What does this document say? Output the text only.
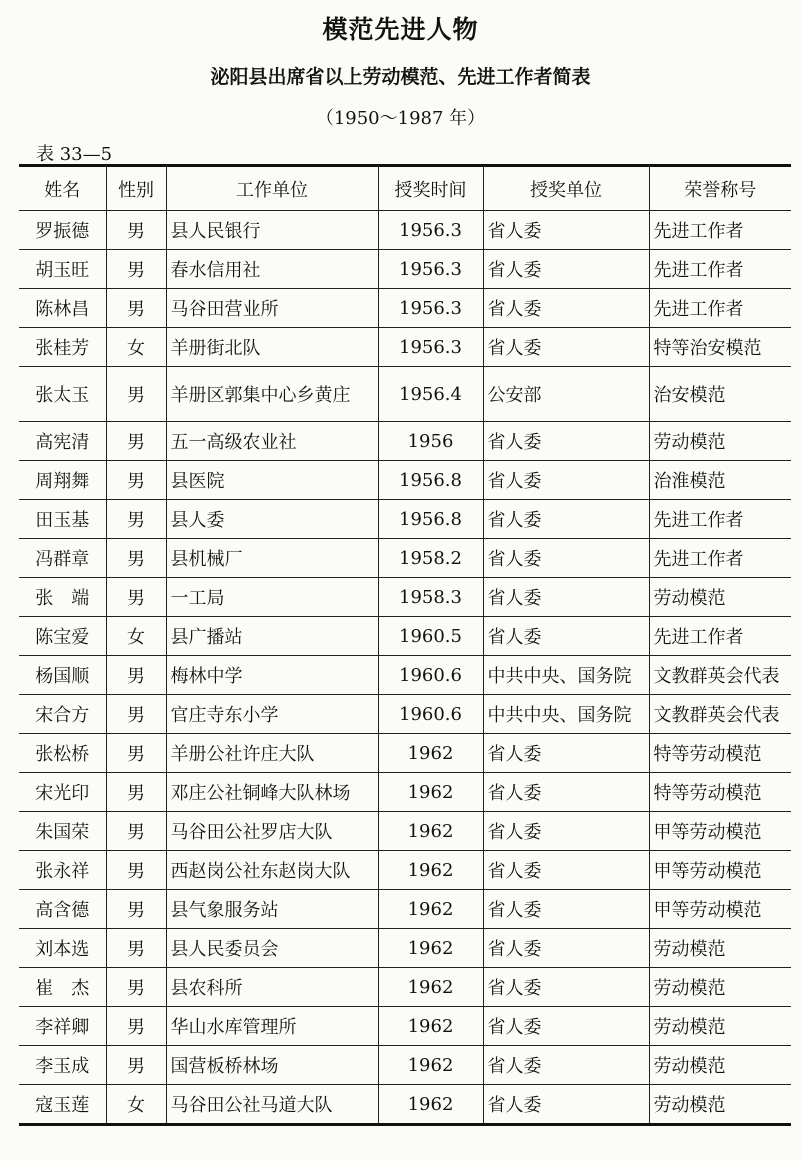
模范先进人物
泌阳县出席省以上劳动模范、先进工作者简表
（1950～1987 年）
表 33—5
姓名	性别	工作单位	授奖时间	授奖单位	荣誉称号
罗振德	男	县人民银行	1956.3	省人委	先进工作者
胡玉旺	男	春水信用社	1956.3	省人委	先进工作者
陈林昌	男	马谷田营业所	1956.3	省人委	先进工作者
张桂芳	女	羊册街北队	1956.3	省人委	特等治安模范
张太玉	男	羊册区郭集中心乡黄庄	1956.4	公安部	治安模范
高宪清	男	五一高级农业社	1956	省人委	劳动模范
周翔舞	男	县医院	1956.8	省人委	治淮模范
田玉基	男	县人委	1956.8	省人委	先进工作者
冯群章	男	县机械厂	1958.2	省人委	先进工作者
张　端	男	一工局	1958.3	省人委	劳动模范
陈宝爱	女	县广播站	1960.5	省人委	先进工作者
杨国顺	男	梅林中学	1960.6	中共中央、国务院	文教群英会代表
宋合方	男	官庄寺东小学	1960.6	中共中央、国务院	文教群英会代表
张松桥	男	羊册公社许庄大队	1962	省人委	特等劳动模范
宋光印	男	邓庄公社铜峰大队林场	1962	省人委	特等劳动模范
朱国荣	男	马谷田公社罗店大队	1962	省人委	甲等劳动模范
张永祥	男	西赵岗公社东赵岗大队	1962	省人委	甲等劳动模范
高含德	男	县气象服务站	1962	省人委	甲等劳动模范
刘本选	男	县人民委员会	1962	省人委	劳动模范
崔　杰	男	县农科所	1962	省人委	劳动模范
李祥卿	男	华山水库管理所	1962	省人委	劳动模范
李玉成	男	国营板桥林场	1962	省人委	劳动模范
寇玉莲	女	马谷田公社马道大队	1962	省人委	劳动模范
